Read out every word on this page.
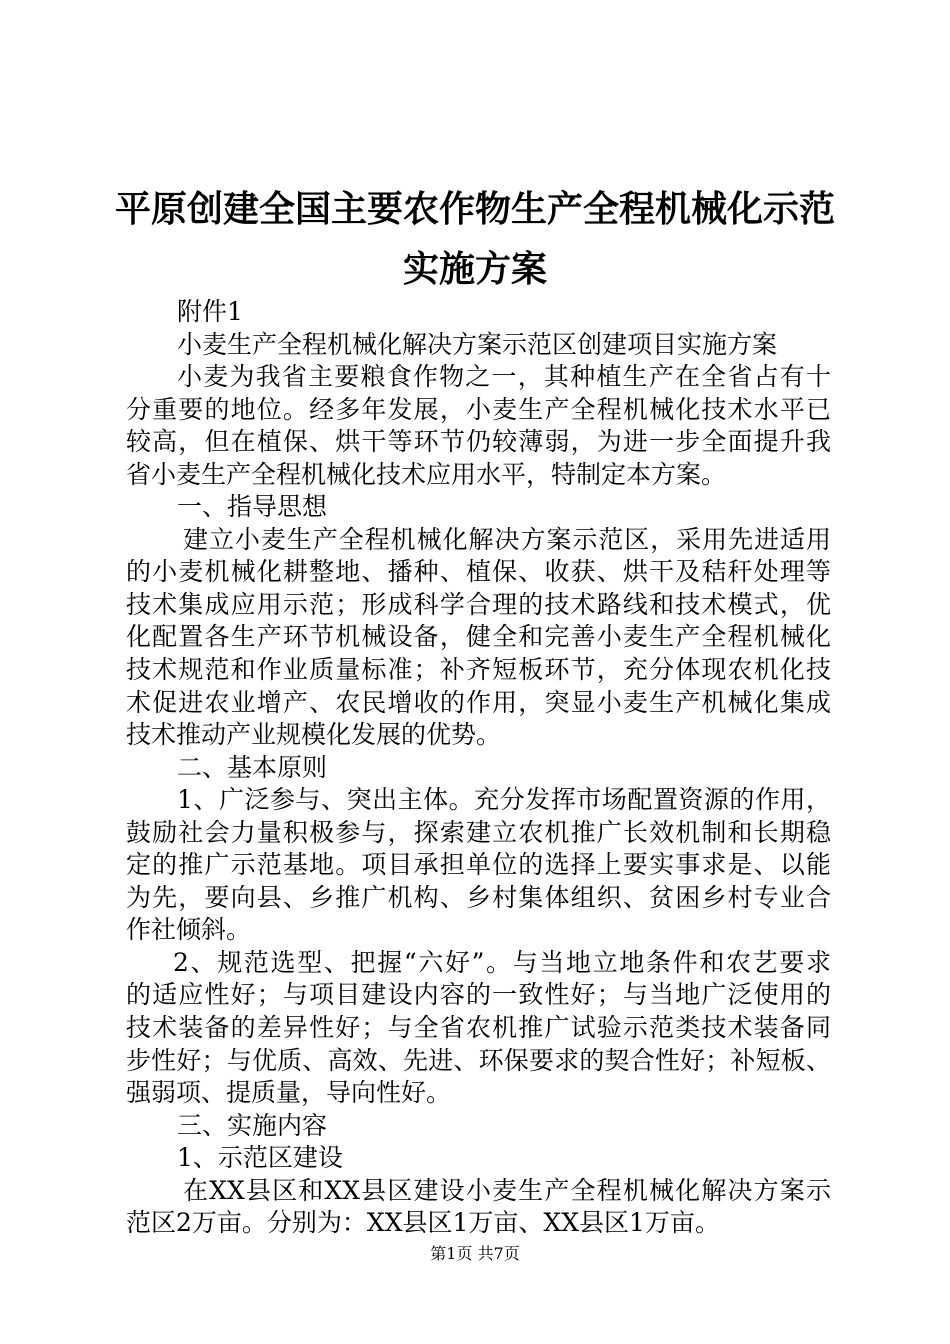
平原创建全国主要农作物生产全程机械化示范
实施方案
附件1
小麦生产全程机械化解决方案示范区创建项目实施方案
小麦为我省主要粮食作物之一，其种植生产在全省占有十
分重要的地位。经多年发展，小麦生产全程机械化技术水平已
较高，但在植保、烘干等环节仍较薄弱，为进一步全面提升我
省小麦生产全程机械化技术应用水平，特制定本方案。
一、指导思想
建立小麦生产全程机械化解决方案示范区，采用先进适用
的小麦机械化耕整地、播种、植保、收获、烘干及秸秆处理等
技术集成应用示范；形成科学合理的技术路线和技术模式，优
化配置各生产环节机械设备，健全和完善小麦生产全程机械化
技术规范和作业质量标准；补齐短板环节，充分体现农机化技
术促进农业增产、农民增收的作用，突显小麦生产机械化集成
技术推动产业规模化发展的优势。
二、基本原则
1、广泛参与、突出主体。充分发挥市场配置资源的作用，
鼓励社会力量积极参与，探索建立农机推广长效机制和长期稳
定的推广示范基地。项目承担单位的选择上要实事求是、以能
为先，要向县、乡推广机构、乡村集体组织、贫困乡村专业合
作社倾斜。
2、规范选型、把握“六好”。与当地立地条件和农艺要求
的适应性好；与项目建设内容的一致性好；与当地广泛使用的
技术装备的差异性好；与全省农机推广试验示范类技术装备同
步性好；与优质、高效、先进、环保要求的契合性好；补短板、
强弱项、提质量，导向性好。
三、实施内容
1、示范区建设
在XX县区和XX县区建设小麦生产全程机械化解决方案示
范区2万亩。分别为：XX县区1万亩、XX县区1万亩。
第1页 共7页
